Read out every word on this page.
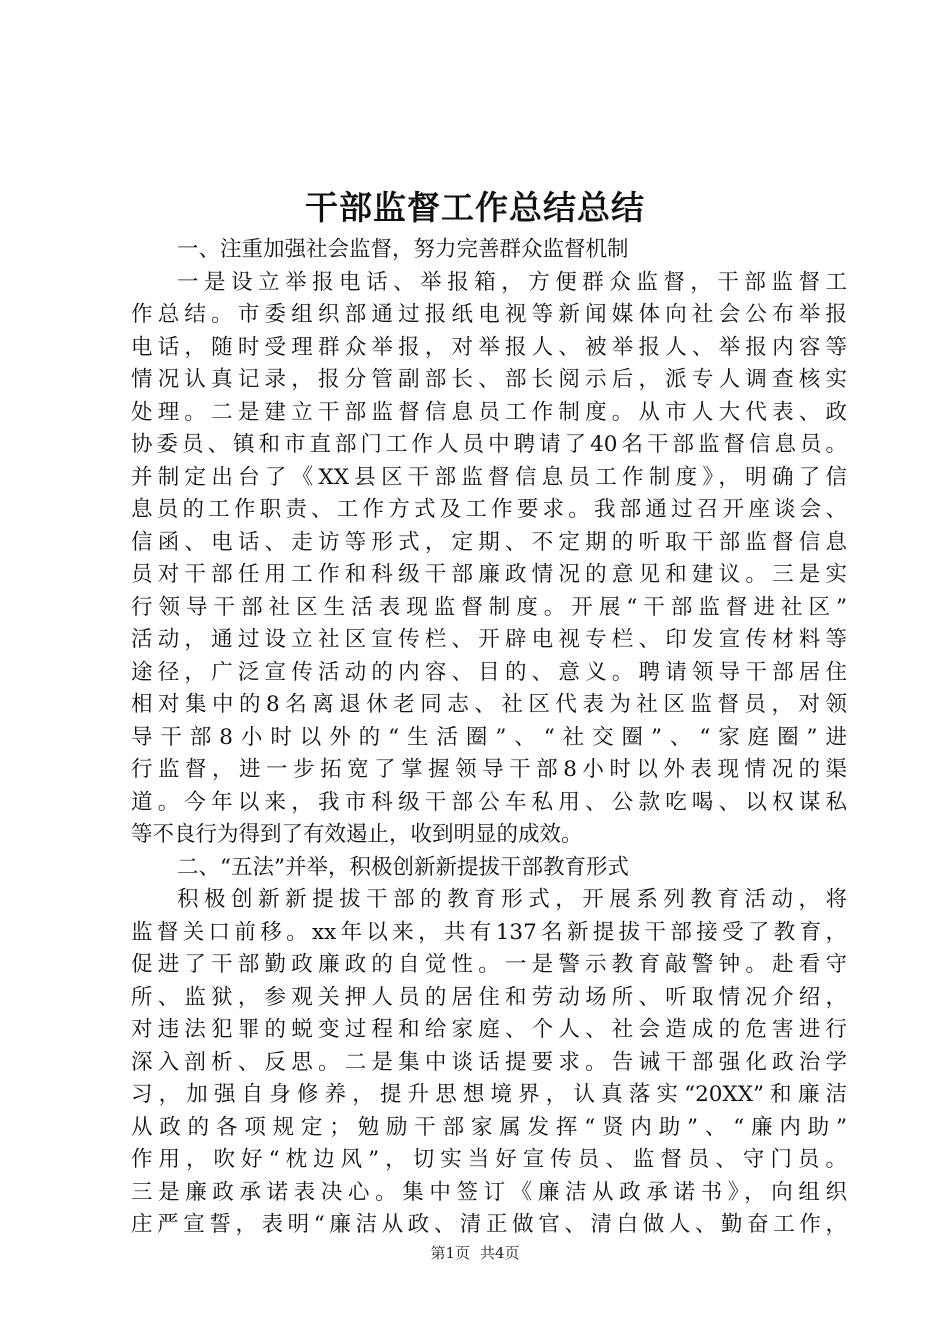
干部监督工作总结总结
一、注重加强社会监督，努力完善群众监督机制
一是设立举报电话、举报箱，方便群众监督，干部监督工
作总结。市委组织部通过报纸电视等新闻媒体向社会公布举报
电话，随时受理群众举报，对举报人、被举报人、举报内容等
情况认真记录，报分管副部长、部长阅示后，派专人调查核实
处理。二是建立干部监督信息员工作制度。从市人大代表、政
协委员、镇和市直部门工作人员中聘请了40名干部监督信息员。
并制定出台了《XX县区干部监督信息员工作制度》，明确了信
息员的工作职责、工作方式及工作要求。我部通过召开座谈会、
信函、电话、走访等形式，定期、不定期的听取干部监督信息
员对干部任用工作和科级干部廉政情况的意见和建议。三是实
行领导干部社区生活表现监督制度。开展“干部监督进社区”
活动，通过设立社区宣传栏、开辟电视专栏、印发宣传材料等
途径，广泛宣传活动的内容、目的、意义。聘请领导干部居住
相对集中的8名离退休老同志、社区代表为社区监督员，对领
导干部8小时以外的“生活圈”、“社交圈”、“家庭圈”进
行监督，进一步拓宽了掌握领导干部8小时以外表现情况的渠
道。今年以来，我市科级干部公车私用、公款吃喝、以权谋私
等不良行为得到了有效遏止，收到明显的成效。
二、“五法”并举，积极创新新提拔干部教育形式
积极创新新提拔干部的教育形式，开展系列教育活动，将
监督关口前移。xx年以来，共有137名新提拔干部接受了教育，
促进了干部勤政廉政的自觉性。一是警示教育敲警钟。赴看守
所、监狱，参观关押人员的居住和劳动场所、听取情况介绍，
对违法犯罪的蜕变过程和给家庭、个人、社会造成的危害进行
深入剖析、反思。二是集中谈话提要求。告诫干部强化政治学
习，加强自身修养，提升思想境界，认真落实“20XX”和廉洁
从政的各项规定；勉励干部家属发挥“贤内助”、“廉内助”
作用，吹好“枕边风”，切实当好宣传员、监督员、守门员。
三是廉政承诺表决心。集中签订《廉洁从政承诺书》，向组织
庄严宣誓，表明“廉洁从政、清正做官、清白做人、勤奋工作，
第1页 共4页
